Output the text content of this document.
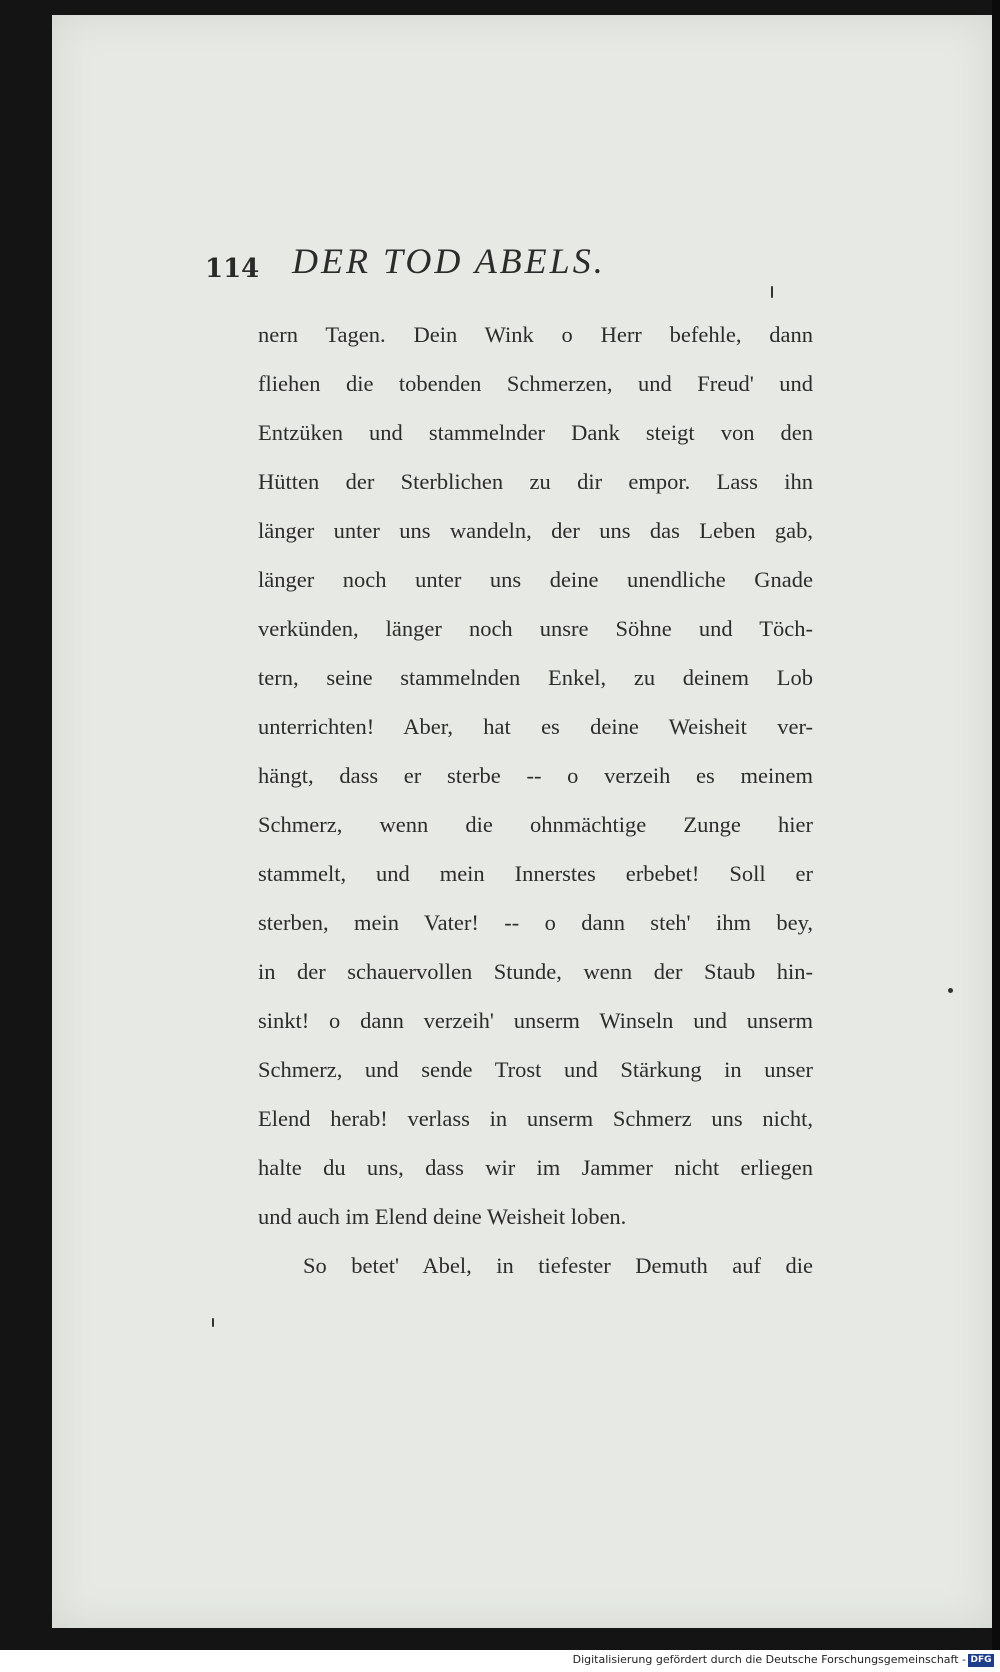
114 DER TOD ABELS.
nern Tagen. Dein Wink o Herr befehle, dann
fliehen die tobenden Schmerzen, und Freud' und
Entzüken und stammelnder Dank steigt von den
Hütten der Sterblichen zu dir empor. Lass ihn
länger unter uns wandeln, der uns das Leben gab,
länger noch unter uns deine unendliche Gnade
verkünden, länger noch unsre Söhne und Töch-
tern, seine stammelnden Enkel, zu deinem Lob
unterrichten! Aber, hat es deine Weisheit ver-
hängt, dass er sterbe -- o verzeih es meinem
Schmerz, wenn die ohnmächtige Zunge hier
stammelt, und mein Innerstes erbebet! Soll er
sterben, mein Vater! -- o dann steh' ihm bey,
in der schauervollen Stunde, wenn der Staub hin-
sinkt! o dann verzeih' unserm Winseln und unserm
Schmerz, und sende Trost und Stärkung in unser
Elend herab! verlass in unserm Schmerz uns nicht,
halte du uns, dass wir im Jammer nicht erliegen
und auch im Elend deine Weisheit loben.
So betet' Abel, in tiefester Demuth auf die
Digitalisierung gefördert durch die Deutsche Forschungsgemeinschaft - DFG
